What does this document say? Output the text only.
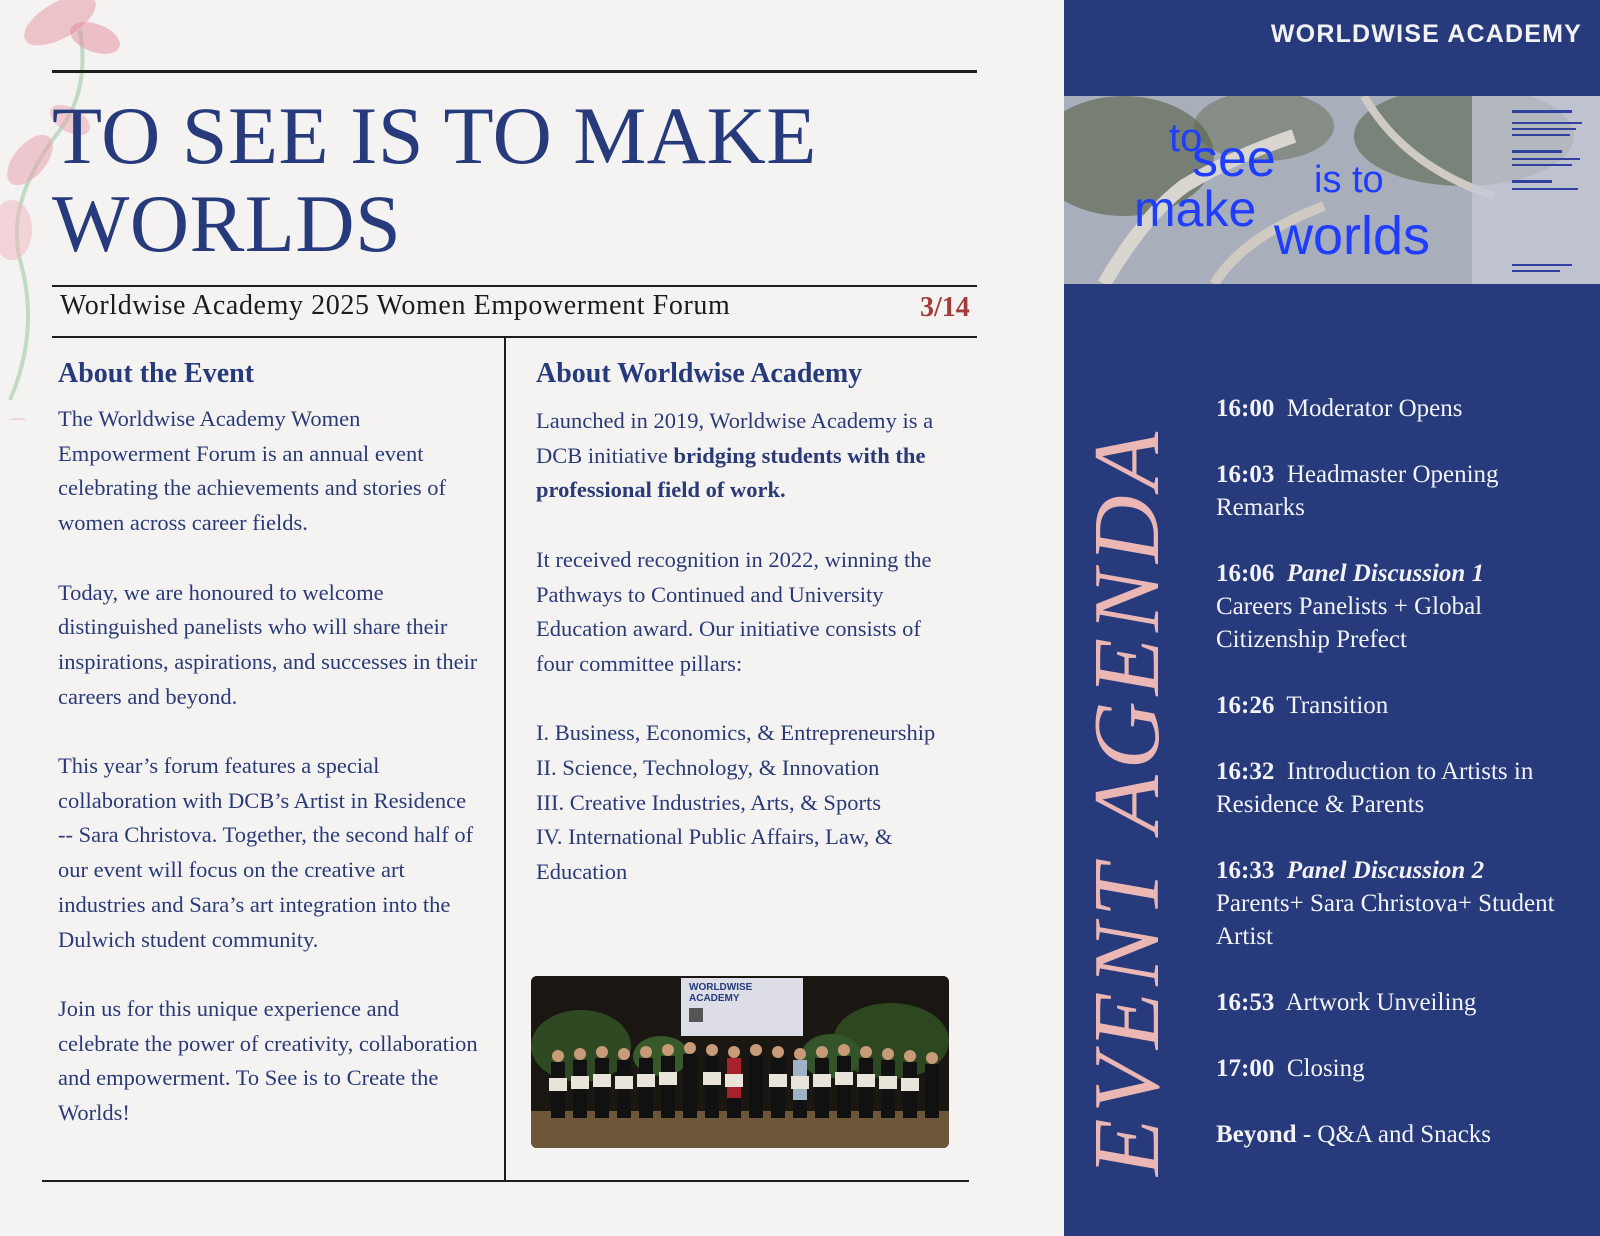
TO SEE IS TO MAKE WORLDS
Worldwise Academy 2025 Women Empowerment Forum	3/14
About the Event

The Worldwise Academy Women Empowerment Forum is an annual event celebrating the achievements and stories of women across career fields.

Today, we are honoured to welcome distinguished panelists who will share their inspirations, aspirations, and successes in their careers and beyond.

This year’s forum features a special collaboration with DCB’s Artist in Residence -- Sara Christova. Together, the second half of our event will focus on the creative art industries and Sara’s art integration into the Dulwich student community.

Join us for this unique experience and celebrate the power of creativity, collaboration and empowerment. To See is to Create the Worlds!

About Worldwise Academy

Launched in 2019, Worldwise Academy is a DCB initiative bridging students with the professional field of work.

It received recognition in 2022, winning the Pathways to Continued and University Education award. Our initiative consists of four committee pillars:

I. Business, Economics, & Entrepreneurship
II. Science, Technology, & Innovation
III. Creative Industries, Arts, & Sports
IV. International Public Affairs, Law, & Education
WORLDWISE
ACADEMY
WORLDWISE ACADEMY
to
see is to
make worlds
EVENT AGENDA
16:00 Moderator Opens
16:03 Headmaster Opening Remarks
16:06 Panel Discussion 1
Careers Panelists + Global Citizenship Prefect
16:26 Transition
16:32 Introduction to Artists in Residence & Parents
16:33 Panel Discussion 2
Parents+ Sara Christova+ Student Artist
16:53 Artwork Unveiling
17:00 Closing
Beyond - Q&A and Snacks
